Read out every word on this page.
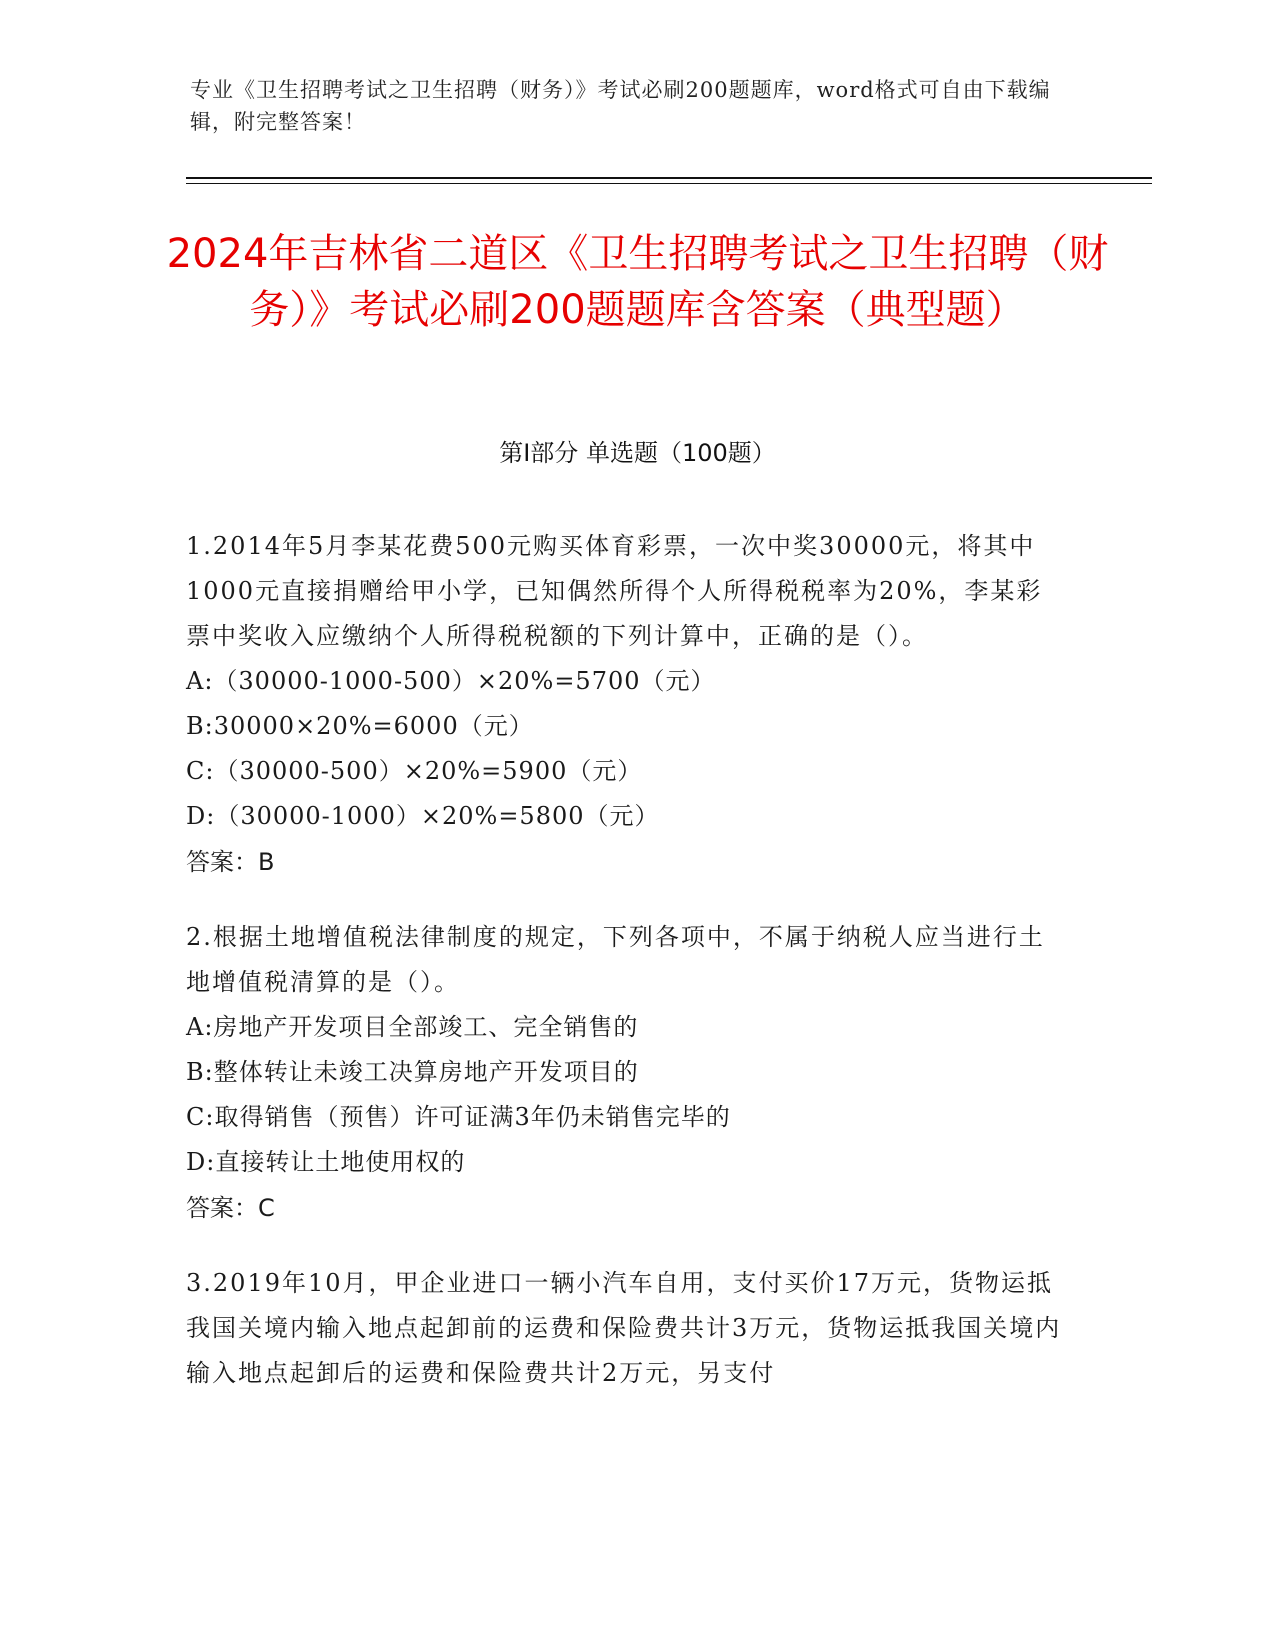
专业《卫生招聘考试之卫生招聘（财务）》考试必刷200题题库，word格式可自由下载编辑，附完整答案！
2024年吉林省二道区《卫生招聘考试之卫生招聘（财务）》考试必刷200题题库含答案（典型题）
第Ⅰ部分 单选题（100题）

1.2014年5月李某花费500元购买体育彩票，一次中奖30000元，将其中1000元直接捐赠给甲小学，已知偶然所得个人所得税税率为20%，李某彩票中奖收入应缴纳个人所得税税额的下列计算中，正确的是（）。

A:（30000-1000-500）×20%=5700（元）

B:30000×20%=6000（元）

C:（30000-500）×20%=5900（元）

D:（30000-1000）×20%=5800（元）

答案：B

2.根据土地增值税法律制度的规定，下列各项中，不属于纳税人应当进行土地增值税清算的是（）。

A:房地产开发项目全部竣工、完全销售的

B:整体转让未竣工决算房地产开发项目的

C:取得销售（预售）许可证满3年仍未销售完毕的

D:直接转让土地使用权的

答案：C

3.2019年10月，甲企业进口一辆小汽车自用，支付买价17万元，货物运抵我国关境内输入地点起卸前的运费和保险费共计3万元，货物运抵我国关境内输入地点起卸后的运费和保险费共计2万元，另支付
